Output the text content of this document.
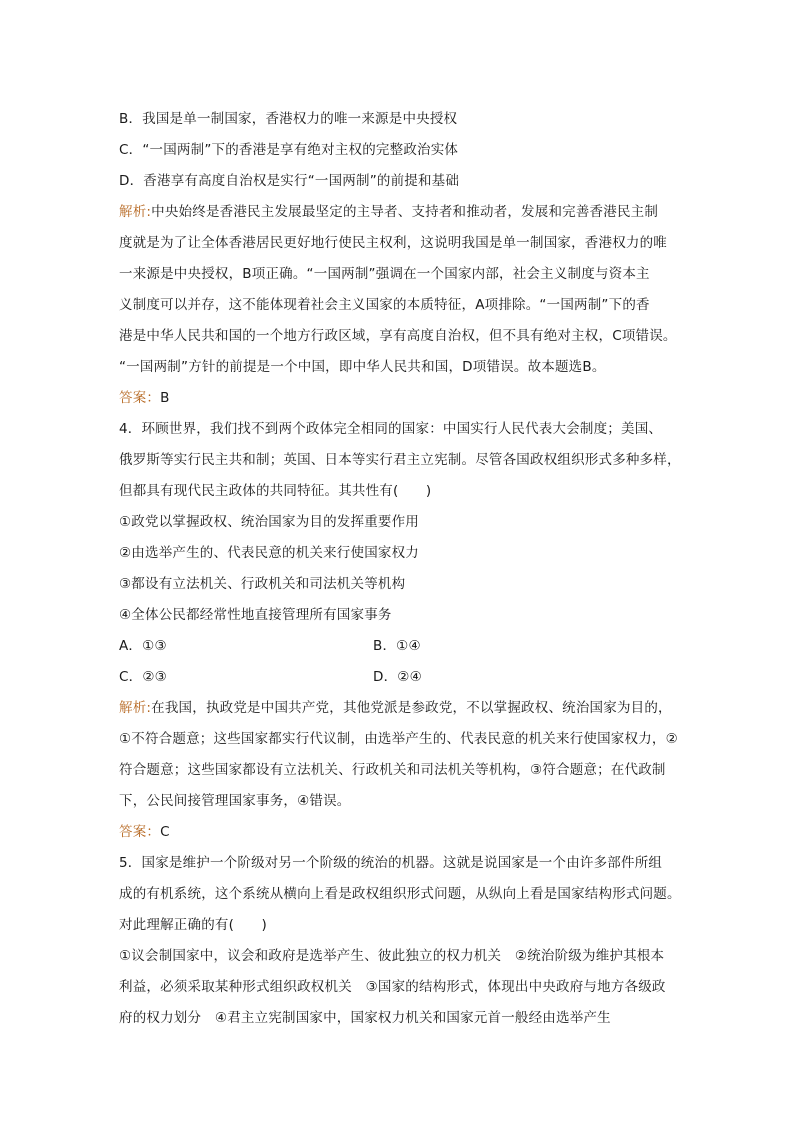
B．我国是单一制国家，香港权力的唯一来源是中央授权
C．“一国两制”下的香港是享有绝对主权的完整政治实体
D．香港享有高度自治权是实行“一国两制”的前提和基础
解析:中央始终是香港民主发展最坚定的主导者、支持者和推动者，发展和完善香港民主制
度就是为了让全体香港居民更好地行使民主权利，这说明我国是单一制国家，香港权力的唯
一来源是中央授权，B项正确。“一国两制”强调在一个国家内部，社会主义制度与资本主
义制度可以并存，这不能体现着社会主义国家的本质特征，A项排除。“一国两制”下的香
港是中华人民共和国的一个地方行政区域，享有高度自治权，但不具有绝对主权，C项错误。
“一国两制”方针的前提是一个中国，即中华人民共和国，D项错误。故本题选B。
答案：B
4．环顾世界，我们找不到两个政体完全相同的国家：中国实行人民代表大会制度；美国、
俄罗斯等实行民主共和制；英国、日本等实行君主立宪制。尽管各国政权组织形式多种多样，
但都具有现代民主政体的共同特征。其共性有(　　)
①政党以掌握政权、统治国家为目的发挥重要作用
②由选举产生的、代表民意的机关来行使国家权力
③都设有立法机关、行政机关和司法机关等机构
④全体公民都经常性地直接管理所有国家事务
A．①③	B．①④
C．②③	D．②④
解析:在我国，执政党是中国共产党，其他党派是参政党，不以掌握政权、统治国家为目的，
①不符合题意；这些国家都实行代议制，由选举产生的、代表民意的机关来行使国家权力，②
符合题意；这些国家都设有立法机关、行政机关和司法机关等机构，③符合题意；在代政制
下，公民间接管理国家事务，④错误。
答案：C
5．国家是维护一个阶级对另一个阶级的统治的机器。这就是说国家是一个由许多部件所组
成的有机系统，这个系统从横向上看是政权组织形式问题，从纵向上看是国家结构形式问题。
对此理解正确的有(　　)
①议会制国家中，议会和政府是选举产生、彼此独立的权力机关　②统治阶级为维护其根本
利益，必须采取某种形式组织政权机关　③国家的结构形式，体现出中央政府与地方各级政
府的权力划分　④君主立宪制国家中，国家权力机关和国家元首一般经由选举产生
